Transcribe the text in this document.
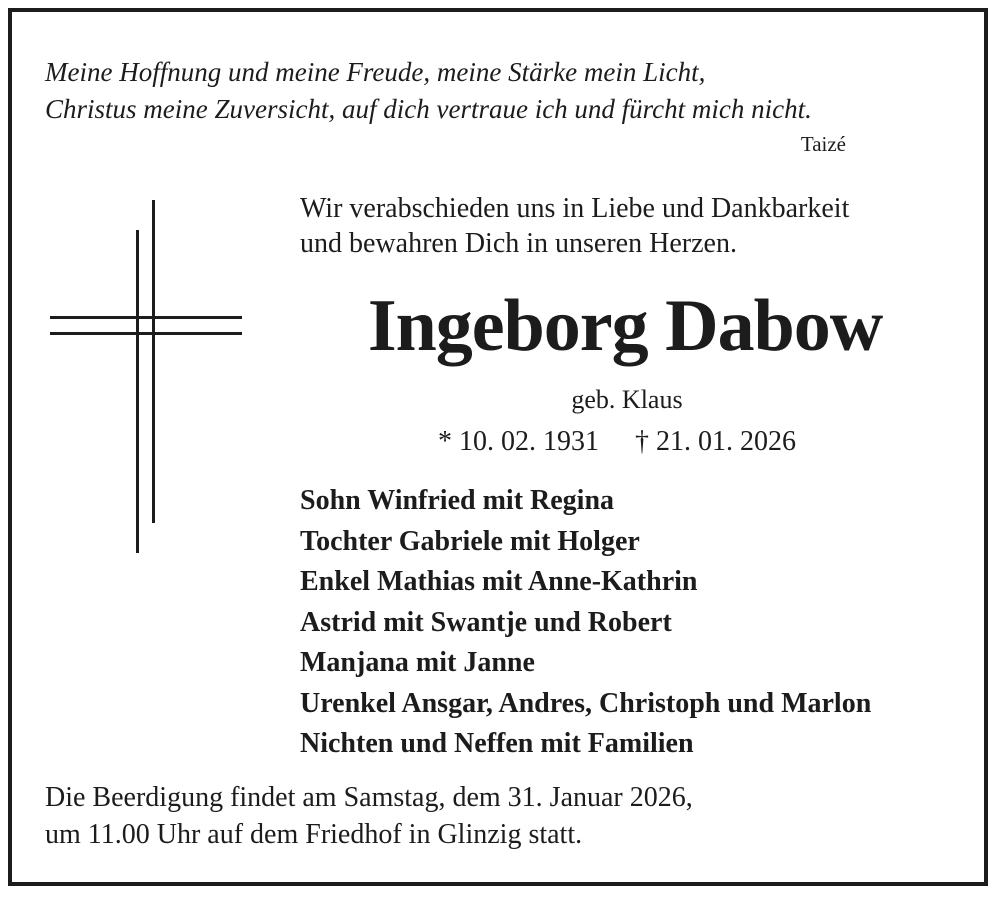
Meine Hoffnung und meine Freude, meine Stärke mein Licht,
Christus meine Zuversicht, auf dich vertraue ich und fürcht mich nicht.
Taizé
Wir verabschieden uns in Liebe und Dankbarkeit
und bewahren Dich in unseren Herzen.
Ingeborg Dabow
geb. Klaus
* 10. 02. 1931 † 21. 01. 2026
Sohn Winfried mit Regina
Tochter Gabriele mit Holger
Enkel Mathias mit Anne-Kathrin
Astrid mit Swantje und Robert
Manjana mit Janne
Urenkel Ansgar, Andres, Christoph und Marlon
Nichten und Neffen mit Familien
Die Beerdigung findet am Samstag, dem 31. Januar 2026,
um 11.00 Uhr auf dem Friedhof in Glinzig statt.
